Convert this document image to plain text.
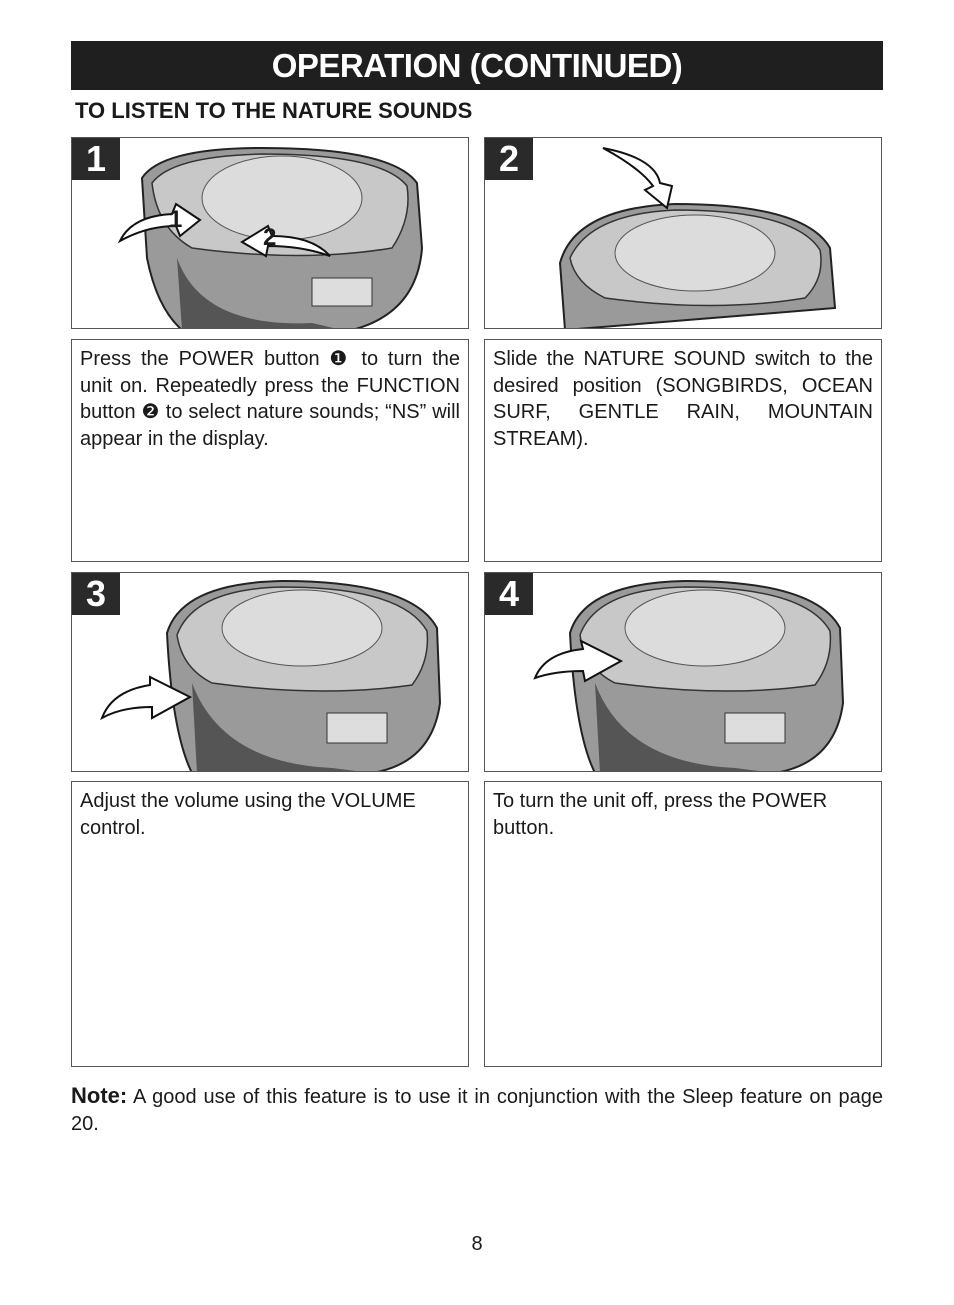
OPERATION (CONTINUED)
TO LISTEN TO THE NATURE SOUNDS
1
1
2
2
Press the POWER button ❶ to turn the unit on. Repeatedly press the FUNCTION button ❷ to select nature sounds; “NS” will appear in the display.
Slide the NATURE SOUND switch to the desired position (SONGBIRDS, OCEAN SURF, GENTLE RAIN, MOUNTAIN STREAM).
3	4
Adjust the volume using the VOLUME control.
To turn the unit off, press the POWER button.
Note: A good use of this feature is to use it in conjunction with the Sleep feature on page 20.
8
